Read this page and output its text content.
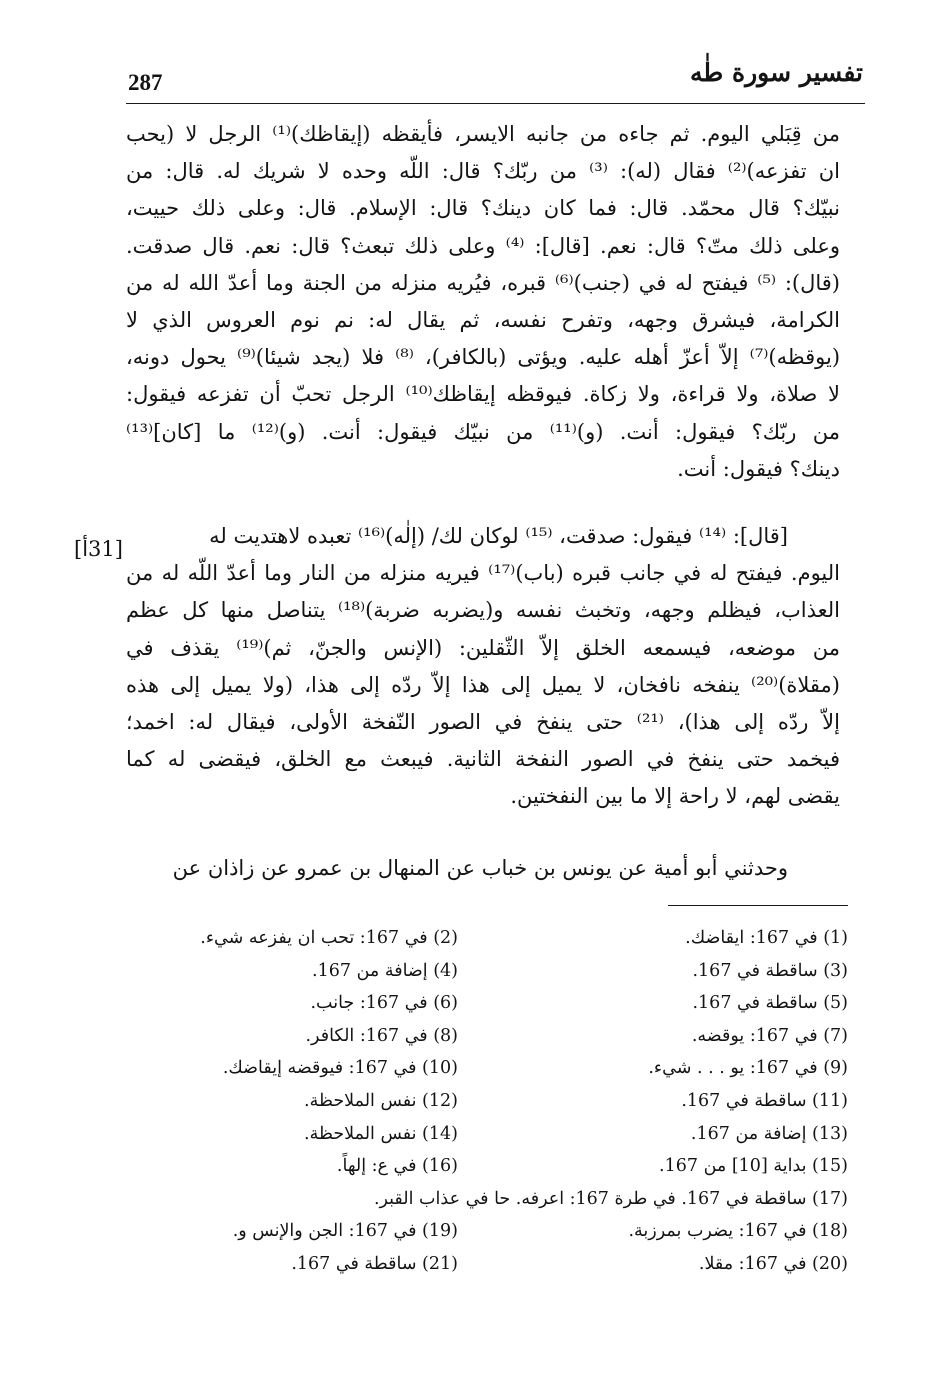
287	تفسير سورة طٰه
من قِبَلي اليوم. ثم جاءه من جانبه الايسر، فأيقظه (إيقاظك)⁽¹⁾ الرجل لا (يحب
ان تفزعه)⁽²⁾ فقال (له): ⁽³⁾ من ربّك؟ قال: اللّه وحده لا شريك له. قال: من
نبيّك؟ قال محمّد. قال: فما كان دينك؟ قال: الإسلام. قال: وعلى ذلك حييت،
وعلى ذلك متّ؟ قال: نعم. [قال]: ⁽⁴⁾ وعلى ذلك تبعث؟ قال: نعم. قال صدقت.
(قال): ⁽⁵⁾ فيفتح له في (جنب)⁽⁶⁾ قبره، فيُريه منزله من الجنة وما أعدّ الله له من
الكرامة، فيشرق وجهه، وتفرح نفسه، ثم يقال له: نم نوم العروس الذي لا
(يوقظه)⁽⁷⁾ إلاّ أعزّ أهله عليه. ويؤتى (بالكافر)، ⁽⁸⁾ فلا (يجد شيئا)⁽⁹⁾ يحول دونه،
لا صلاة، ولا قراءة، ولا زكاة. فيوقظه إيقاظك⁽¹⁰⁾ الرجل تحبّ أن تفزعه فيقول:
من ربّك؟ فيقول: أنت. (و)⁽¹¹⁾ من نبيّك فيقول: أنت. (و)⁽¹²⁾ ما [كان]⁽¹³⁾
دينك؟ فيقول: أنت.
[31أ]
[قال]: ⁽¹⁴⁾ فيقول: صدقت، ⁽¹⁵⁾ لوكان لك/ (إلٰه)⁽¹⁶⁾ تعبده لاهتديت له
اليوم. فيفتح له في جانب قبره (باب)⁽¹⁷⁾ فيريه منزله من النار وما أعدّ اللّه له من
العذاب، فيظلم وجهه، وتخبث نفسه و(يضربه ضربة)⁽¹⁸⁾ يتناصل منها كل عظم
من موضعه، فيسمعه الخلق إلاّ الثّقلين: (الإنس والجنّ، ثم)⁽¹⁹⁾ يقذف في
(مقلاة)⁽²⁰⁾ ينفخه نافخان، لا يميل إلى هذا إلاّ ردّه إلى هذا، (ولا يميل إلى هذه
إلاّ ردّه إلى هذا)، ⁽²¹⁾ حتى ينفخ في الصور النّفخة الأولى، فيقال له: اخمد؛
فيخمد حتى ينفخ في الصور النفخة الثانية. فيبعث مع الخلق، فيقضى له كما
يقضى لهم، لا راحة إلا ما بين النفختين.
وحدثني أبو أمية عن يونس بن خباب عن المنهال بن عمرو عن زاذان عن
(1) في 167: ايقاضك.
(2) في 167: تحب ان يفزعه شيء.
(3) ساقطة في 167.
(4) إضافة من 167.
(5) ساقطة في 167.
(6) في 167: جانب.
(7) في 167: يوقضه.
(8) في 167: الكافر.
(9) في 167: يو . . . شيء.
(10) في 167: فيوقضه إيقاضك.
(11) ساقطة في 167.
(12) نفس الملاحظة.
(13) إضافة من 167.
(14) نفس الملاحظة.
(15) بداية [10] من 167.
(16) في ع: إلهاً.
(17) ساقطة في 167. في طرة 167: اعرفه. حا في عذاب القبر.
(18) في 167: يضرب بمرزبة.
(19) في 167: الجن والإنس و.
(20) في 167: مقلا.
(21) ساقطة في 167.
